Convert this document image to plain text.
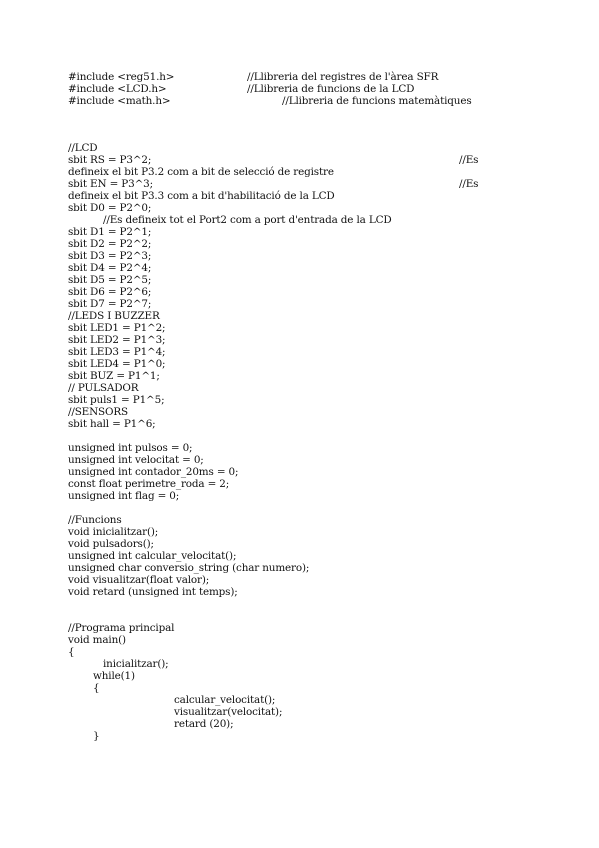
#include <reg51.h>	//Llibreria del registres de l'àrea SFR
#include <LCD.h>	//Llibreria de funcions de la LCD
#include <math.h>	//Llibreria de funcions matemàtiques
//LCD
sbit RS = P3^2;	//Es
defineix el bit P3.2 com a bit de selecció de registre
sbit EN = P3^3;	//Es
defineix el bit P3.3 com a bit d'habilitació de la LCD
sbit D0 = P2^0;
//Es defineix tot el Port2 com a port d'entrada de la LCD
sbit D1 = P2^1;
sbit D2 = P2^2;
sbit D3 = P2^3;
sbit D4 = P2^4;
sbit D5 = P2^5;
sbit D6 = P2^6;
sbit D7 = P2^7;
//LEDS I BUZZER
sbit LED1 = P1^2;
sbit LED2 = P1^3;
sbit LED3 = P1^4;
sbit LED4 = P1^0;
sbit BUZ = P1^1;
// PULSADOR
sbit puls1 = P1^5;
//SENSORS
sbit hall = P1^6;
unsigned int pulsos = 0;
unsigned int velocitat = 0;
unsigned int contador_20ms = 0;
const float perimetre_roda = 2;
unsigned int flag = 0;
//Funcions
void inicialitzar();
void pulsadors();
unsigned int calcular_velocitat();
unsigned char conversio_string (char numero);
void visualitzar(float valor);
void retard (unsigned int temps);
//Programa principal
void main()
{
inicialitzar();
while(1)
{
calcular_velocitat();
visualitzar(velocitat);
retard (20);
}
